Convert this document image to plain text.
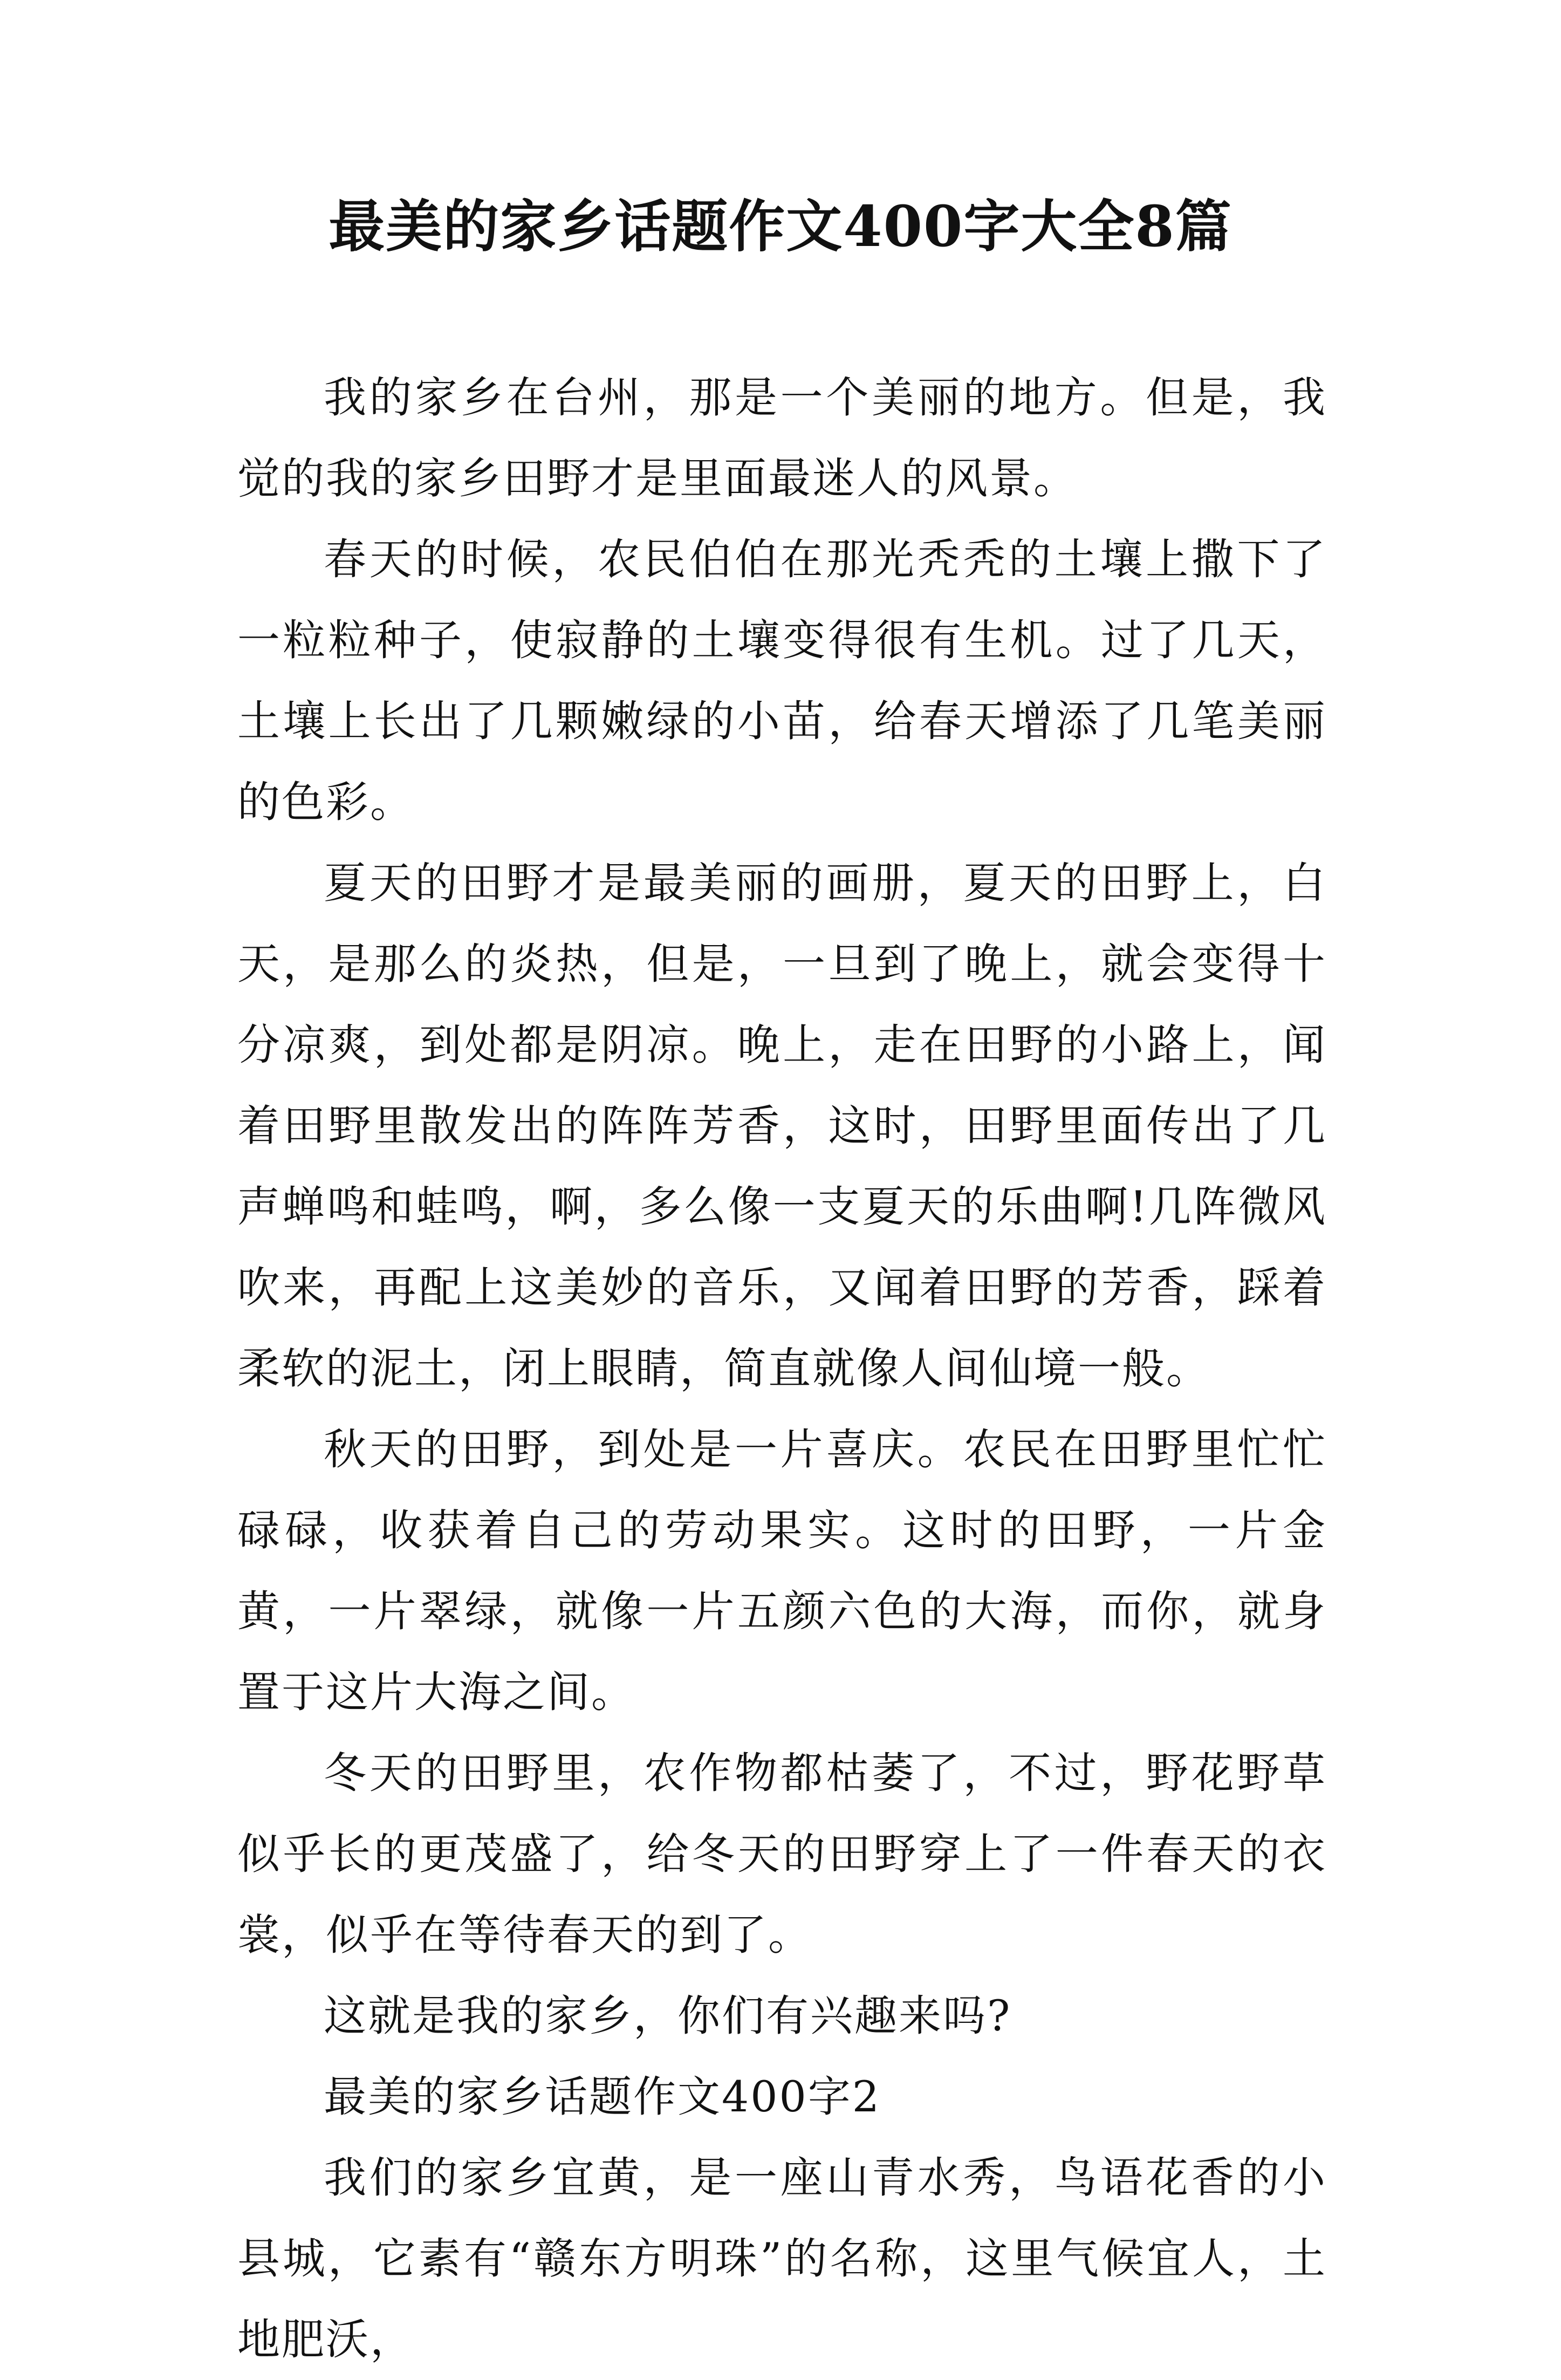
最美的家乡话题作文400字大全8篇

我的家乡在台州，那是一个美丽的地方。但是，我觉的我的家乡田野才是里面最迷人的风景。

春天的时候，农民伯伯在那光秃秃的土壤上撒下了一粒粒种子，使寂静的土壤变得很有生机。过了几天，土壤上长出了几颗嫩绿的小苗，给春天增添了几笔美丽的色彩。

夏天的田野才是最美丽的画册，夏天的田野上，白天，是那么的炎热，但是，一旦到了晚上，就会变得十分凉爽，到处都是阴凉。晚上，走在田野的小路上，闻着田野里散发出的阵阵芳香，这时，田野里面传出了几声蝉鸣和蛙鸣，啊，多么像一支夏天的乐曲啊!几阵微风吹来，再配上这美妙的音乐，又闻着田野的芳香，踩着柔软的泥土，闭上眼睛，简直就像人间仙境一般。

秋天的田野，到处是一片喜庆。农民在田野里忙忙碌碌，收获着自己的劳动果实。这时的田野，一片金黄，一片翠绿，就像一片五颜六色的大海，而你，就身置于这片大海之间。

冬天的田野里，农作物都枯萎了，不过，野花野草似乎长的更茂盛了，给冬天的田野穿上了一件春天的衣裳，似乎在等待春天的到了。

这就是我的家乡，你们有兴趣来吗?

最美的家乡话题作文400字2

我们的家乡宜黄，是一座山青水秀，鸟语花香的小县城，它素有“赣东方明珠”的名称，这里气候宜人，土地肥沃，
